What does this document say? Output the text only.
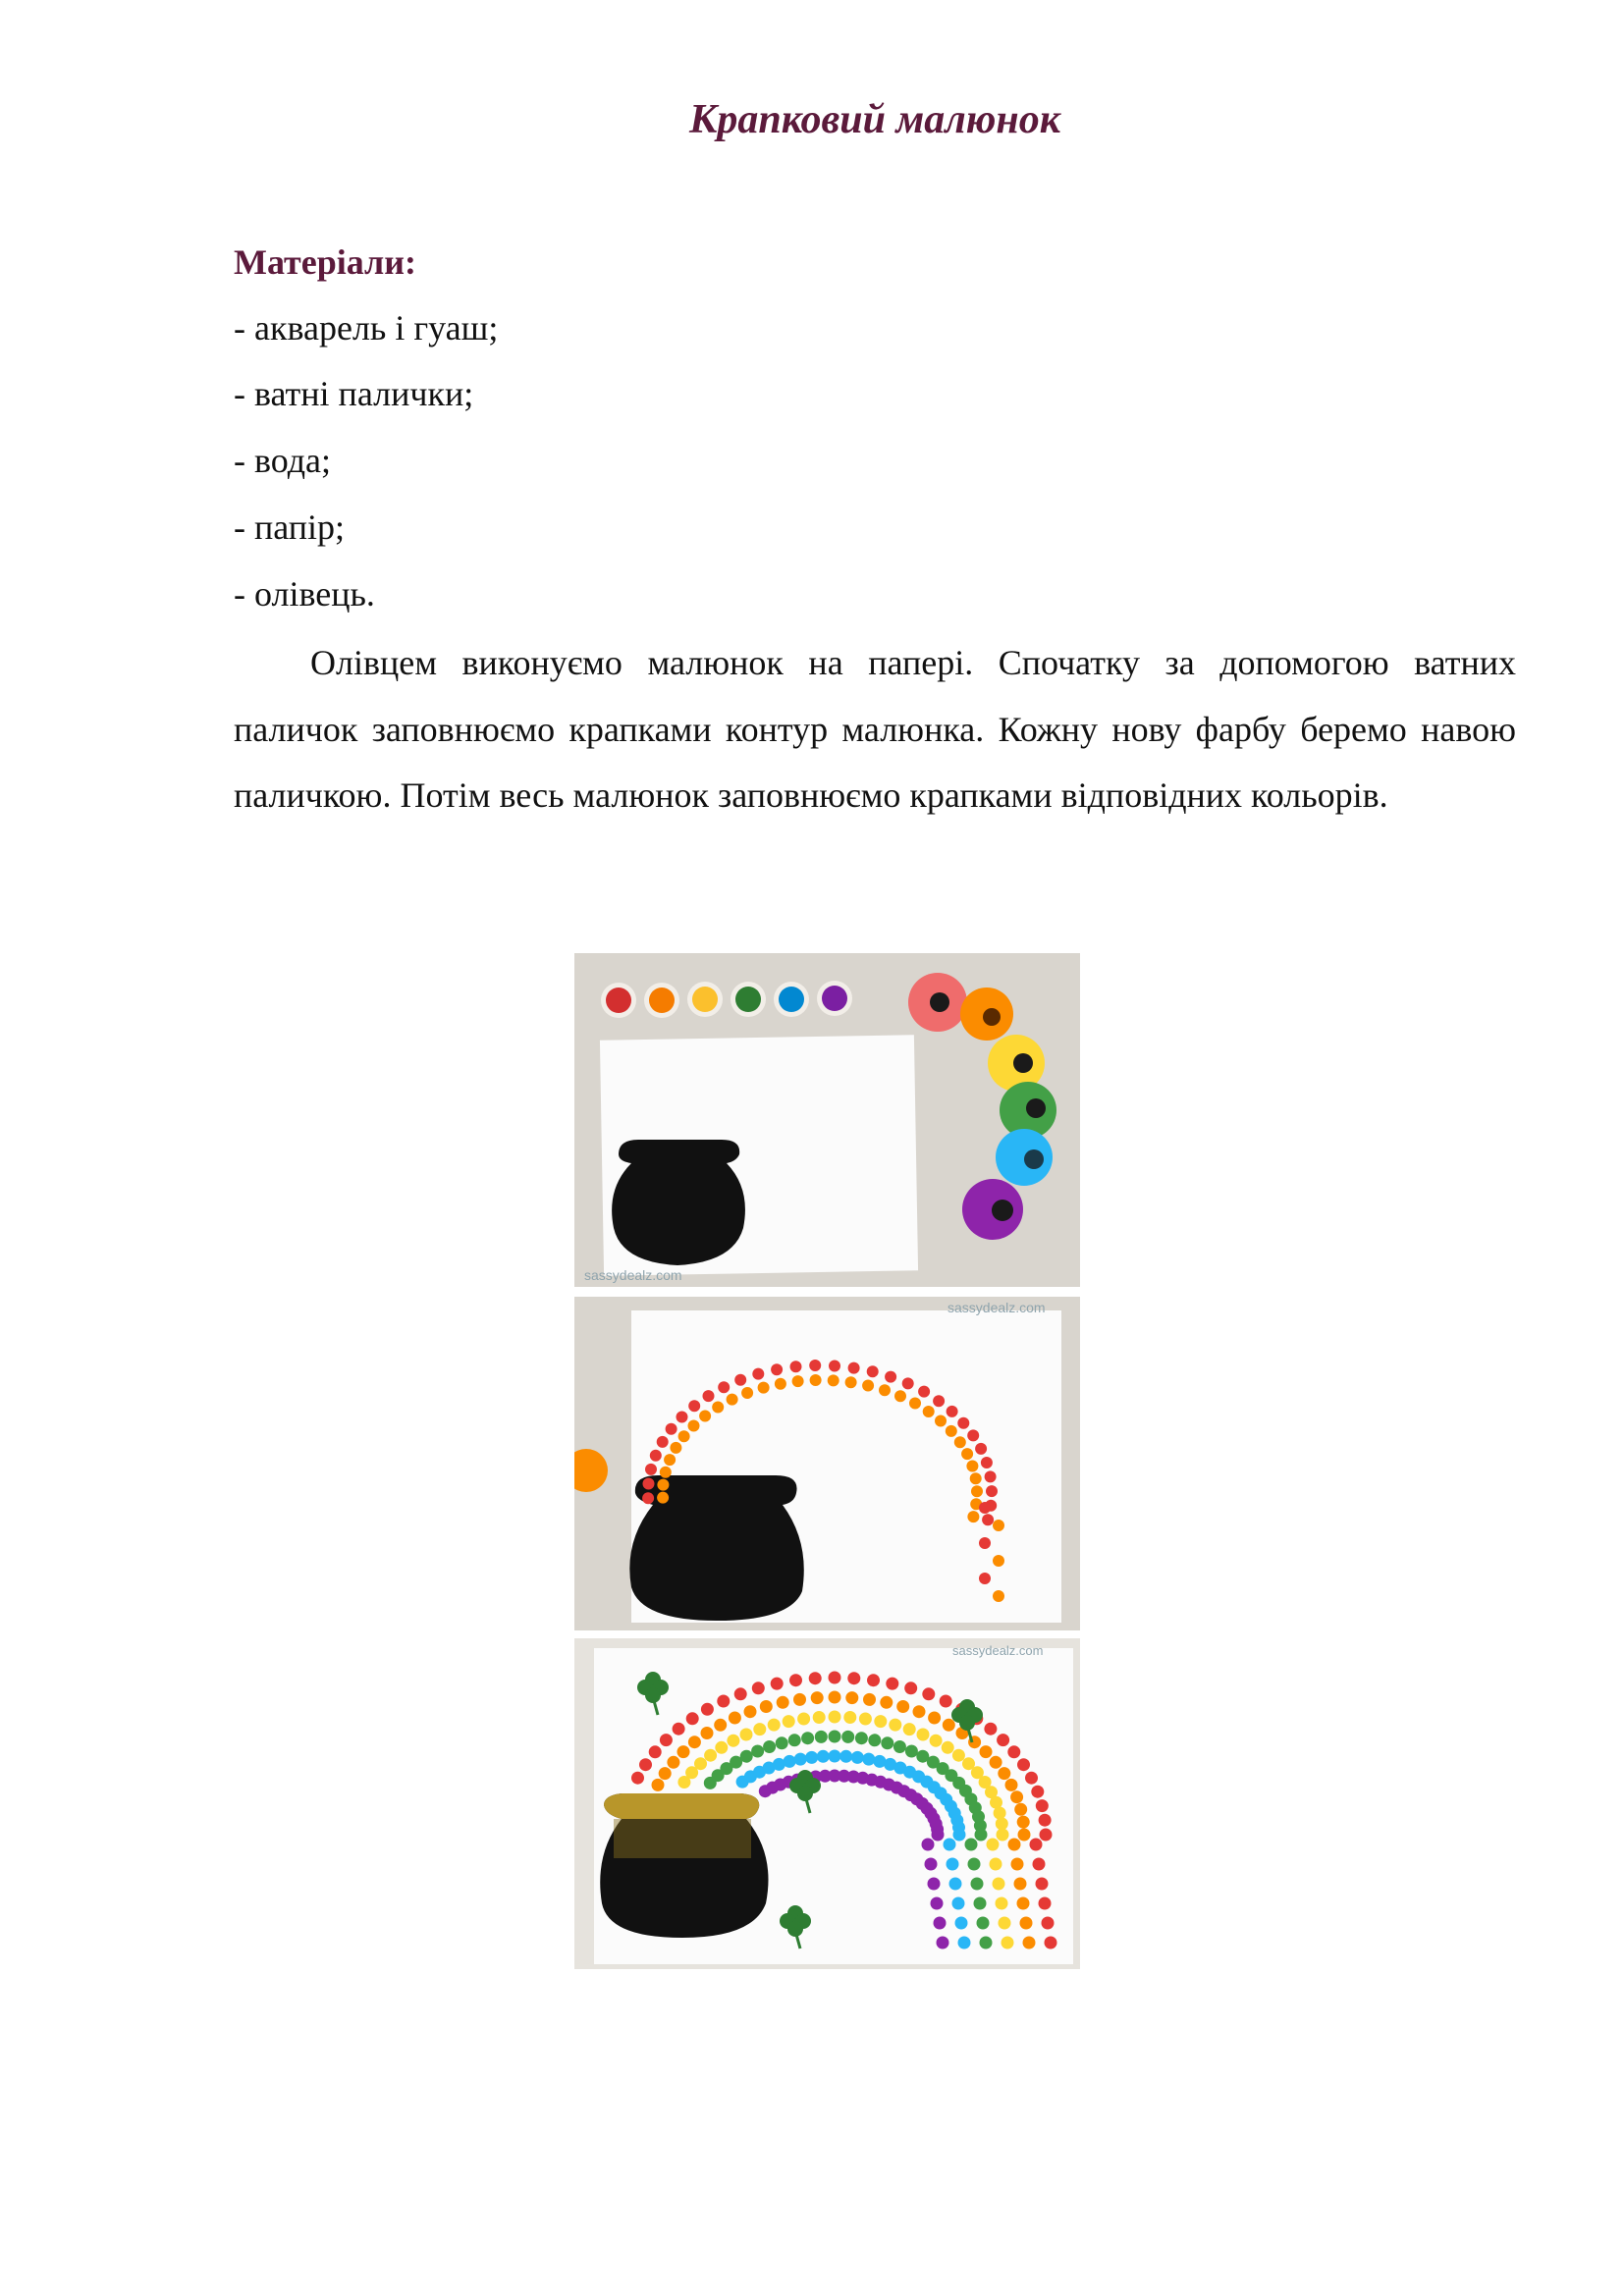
Крапковий малюнок
Матеріали:
- акварель і гуаш;
- ватні палички;
- вода;
- папір;
- олівець.
Олівцем виконуємо малюнок на папері. Спочатку за допомогою ватних паличок заповнюємо крапками контур малюнка. Кожну нову фарбу беремо навою паличкою. Потім весь малюнок заповнюємо крапками відповідних кольорів.
sassydealz.com
sassydealz.com
sassydealz.com
